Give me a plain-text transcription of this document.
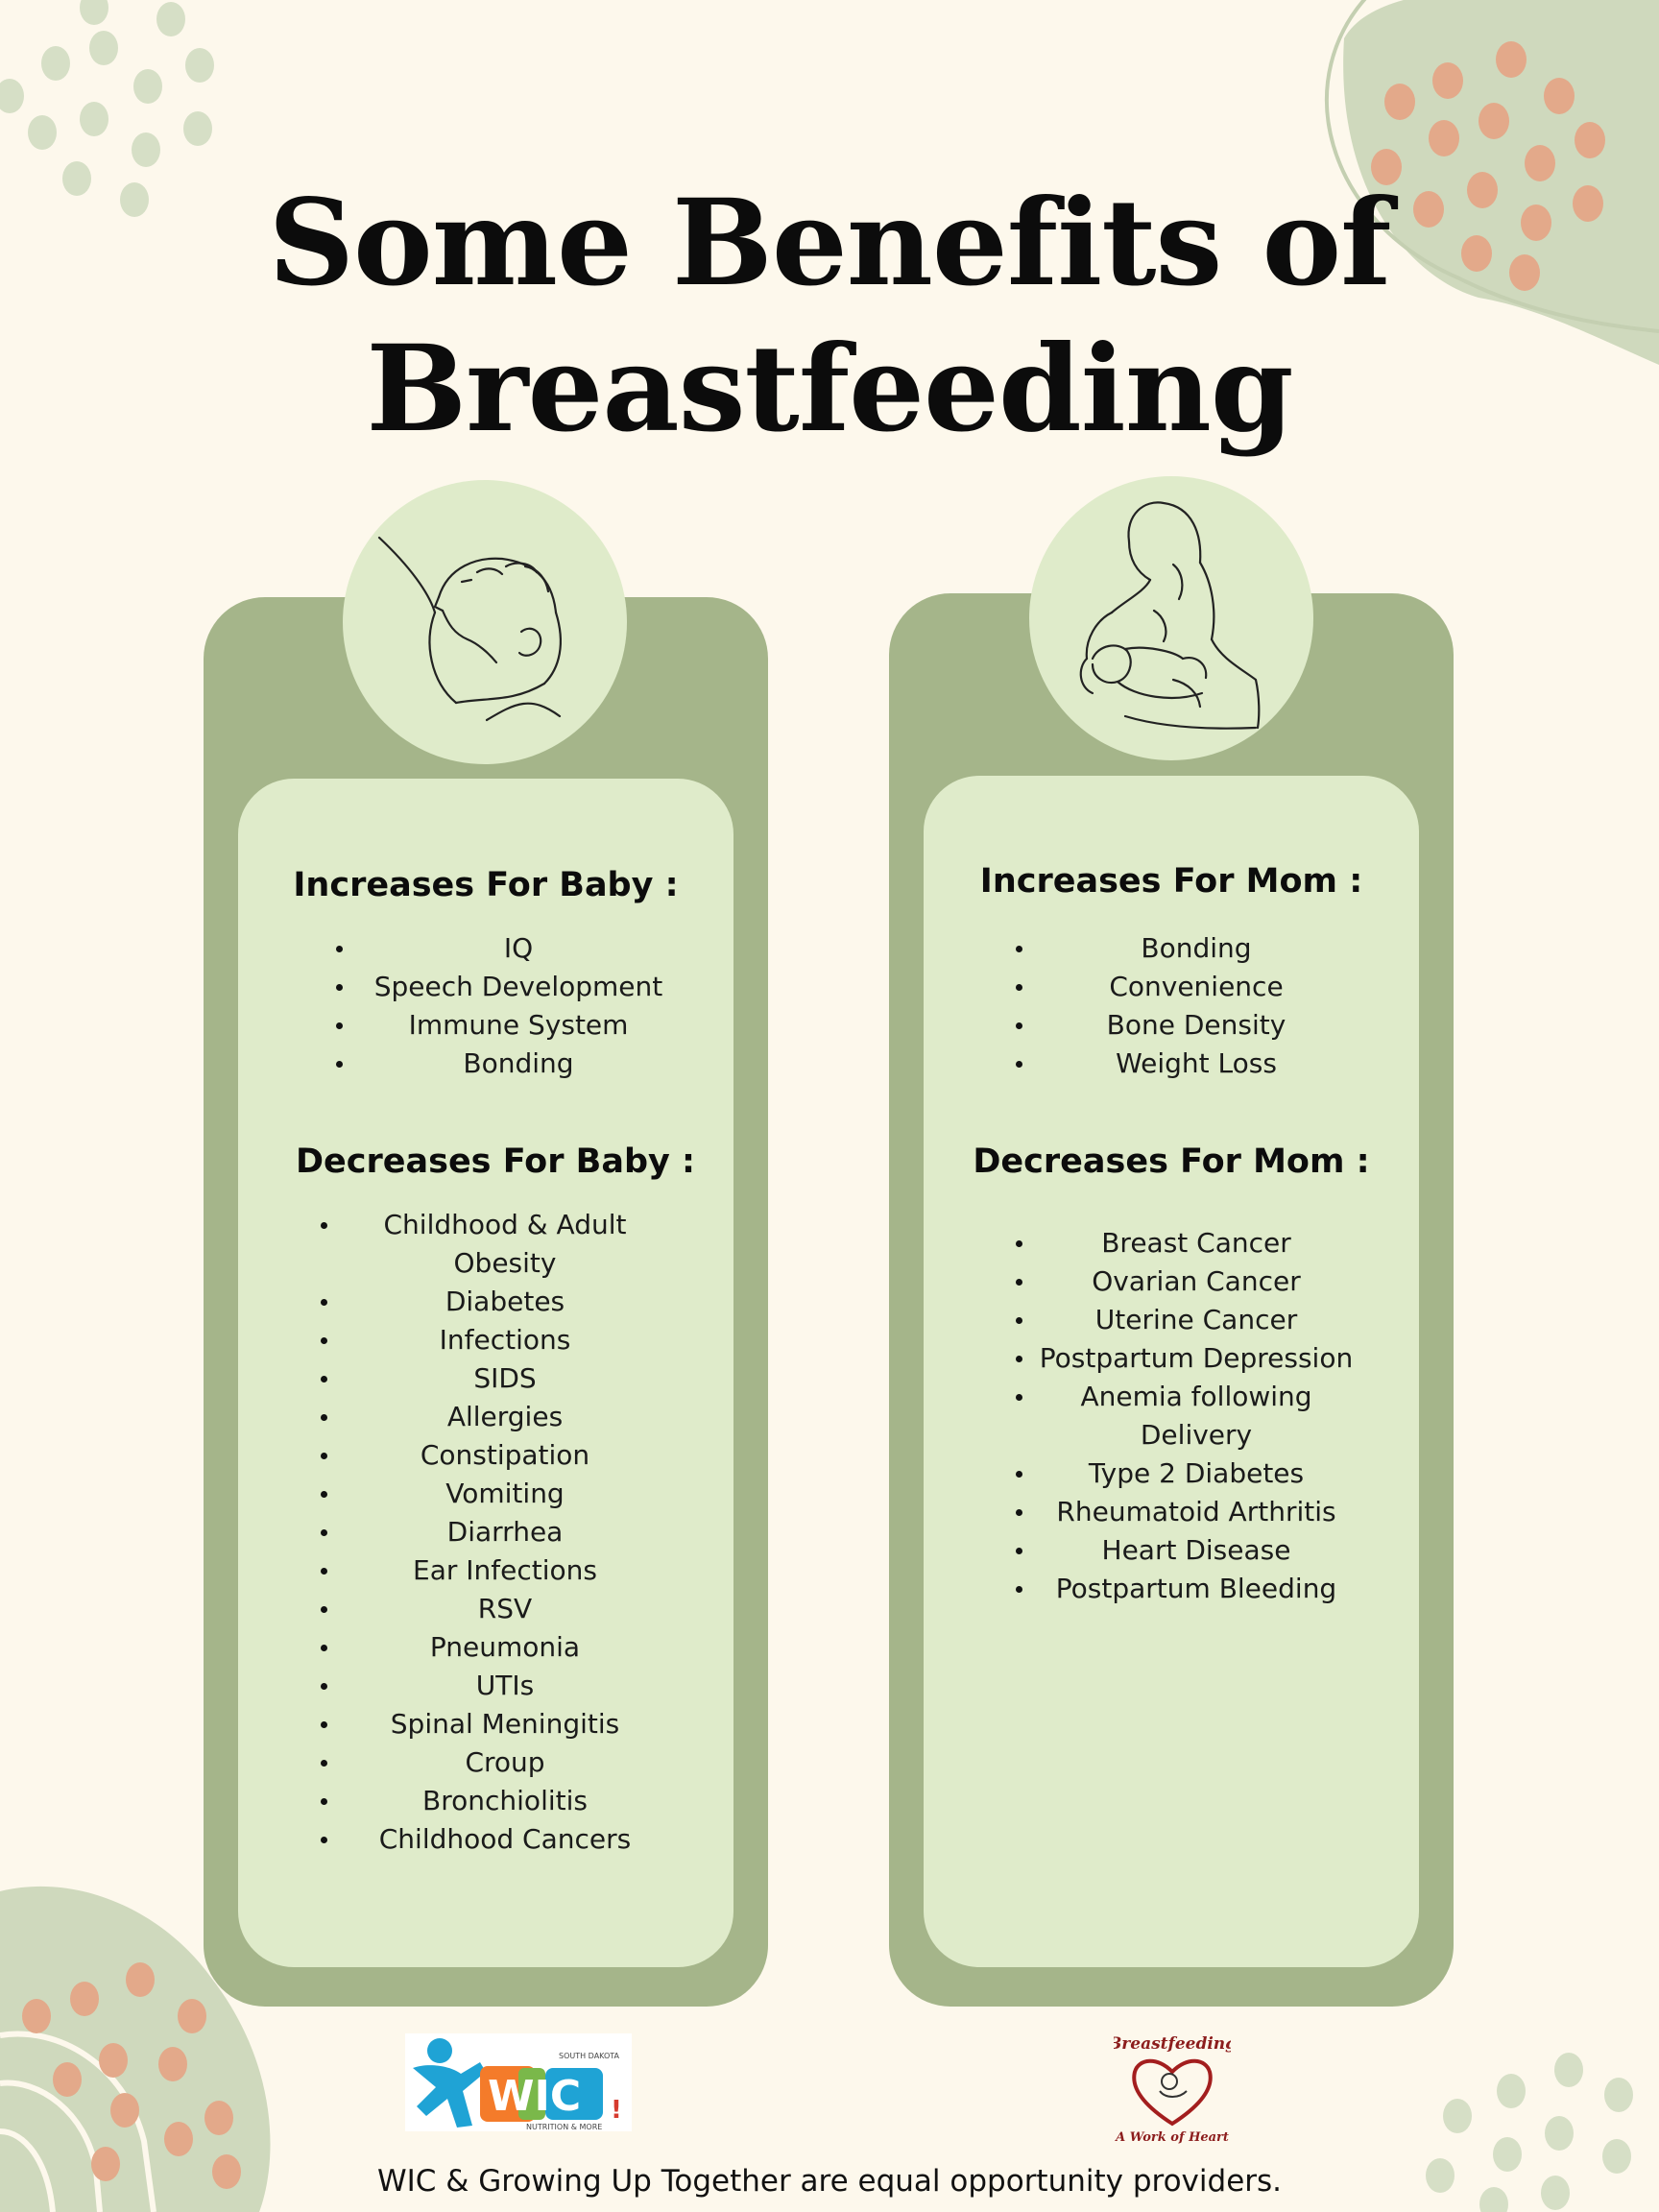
Some Benefits of
Breastfeeding
Increases For Baby :
IQ
Speech Development
Immune System
Bonding
Decreases For Baby :
Childhood & Adult
Obesity
Diabetes
Infections
SIDS
Allergies
Constipation
Vomiting
Diarrhea
Ear Infections
RSV
Pneumonia
UTIs
Spinal Meningitis
Croup
Bronchiolitis
Childhood Cancers
Increases For Mom :
Bonding
Convenience
Bone Density
Weight Loss
Decreases For Mom :
Breast Cancer
Ovarian Cancer
Uterine Cancer
Postpartum Depression
Anemia following
Delivery
Type 2 Diabetes
Rheumatoid Arthritis
Heart Disease
Postpartum Bleeding
SOUTH DAKOTA
WIC
NUTRITION & MORE
!
Breastfeeding
A Work of Heart
WIC & Growing Up Together are equal opportunity providers.
